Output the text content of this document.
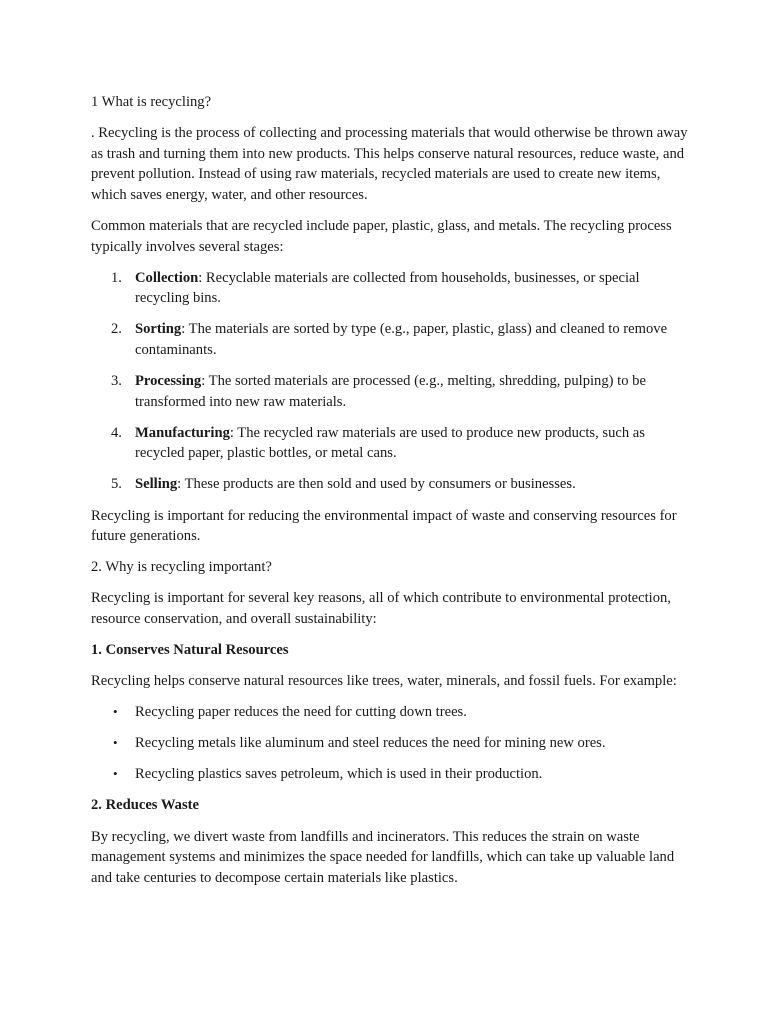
1 What is recycling?

. Recycling is the process of collecting and processing materials that would otherwise be thrown away as trash and turning them into new products. This helps conserve natural resources, reduce waste, and prevent pollution. Instead of using raw materials, recycled materials are used to create new items, which saves energy, water, and other resources.

Common materials that are recycled include paper, plastic, glass, and metals. The recycling process typically involves several stages:

1. Collection: Recyclable materials are collected from households, businesses, or special recycling bins.
2. Sorting: The materials are sorted by type (e.g., paper, plastic, glass) and cleaned to remove contaminants.
3. Processing: The sorted materials are processed (e.g., melting, shredding, pulping) to be transformed into new raw materials.
4. Manufacturing: The recycled raw materials are used to produce new products, such as recycled paper, plastic bottles, or metal cans.
5. Selling: These products are then sold and used by consumers or businesses.

Recycling is important for reducing the environmental impact of waste and conserving resources for future generations.

2. Why is recycling important?

Recycling is important for several key reasons, all of which contribute to environmental protection, resource conservation, and overall sustainability:

1. Conserves Natural Resources

Recycling helps conserve natural resources like trees, water, minerals, and fossil fuels. For example:

• Recycling paper reduces the need for cutting down trees.
• Recycling metals like aluminum and steel reduces the need for mining new ores.
• Recycling plastics saves petroleum, which is used in their production.

2. Reduces Waste

By recycling, we divert waste from landfills and incinerators. This reduces the strain on waste management systems and minimizes the space needed for landfills, which can take up valuable land and take centuries to decompose certain materials like plastics.
